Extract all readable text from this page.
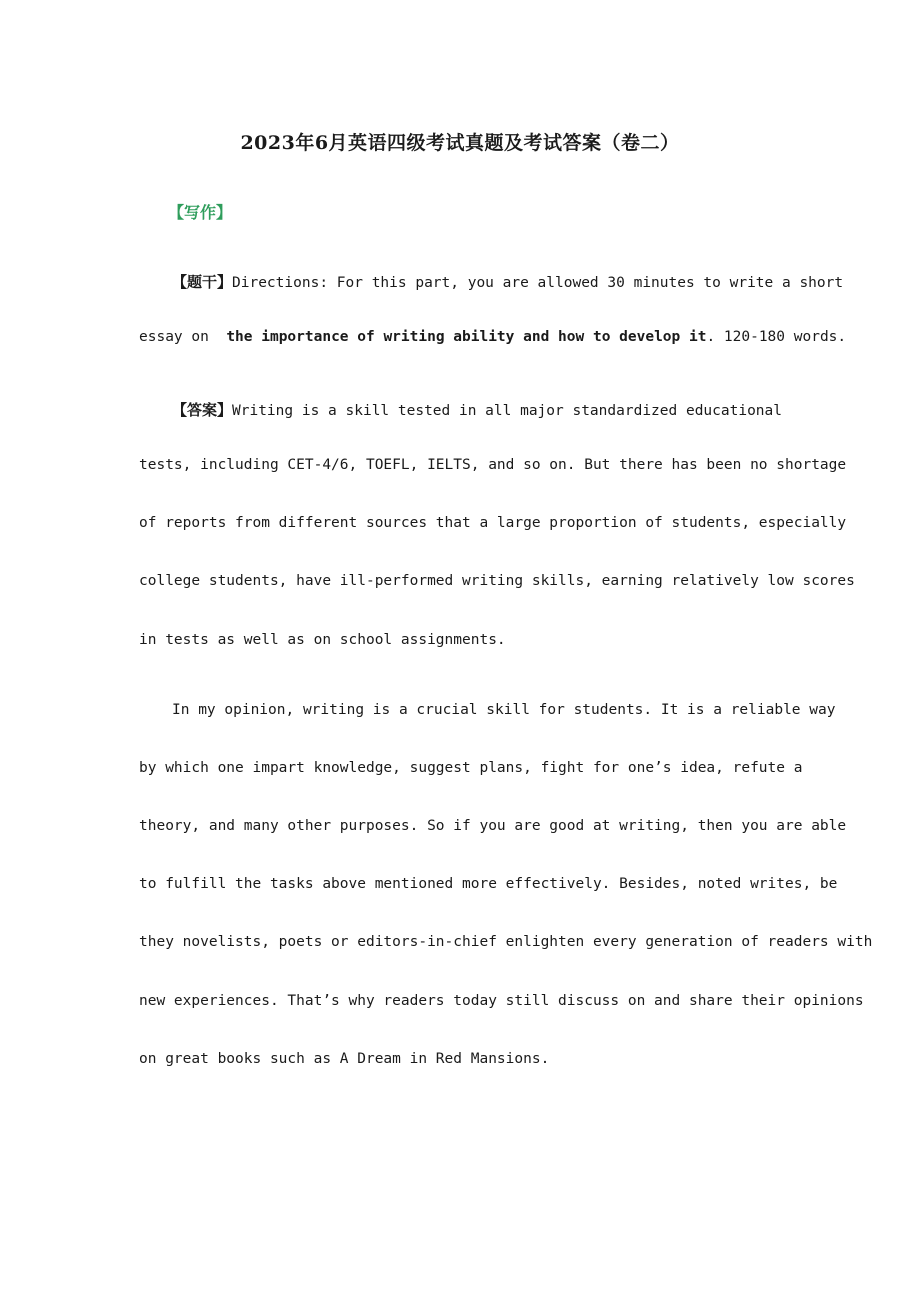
2023年6月英语四级考试真题及考试答案（卷二）
【写作】
【题干】Directions: For this part, you are allowed 30 minutes to write a short
essay on  the importance of writing ability and how to develop it. 120-180 words.
【答案】Writing is a skill tested in all major standardized educational
tests, including CET-4/6, TOEFL, IELTS, and so on. But there has been no shortage
of reports from different sources that a large proportion of students, especially
college students, have ill-performed writing skills, earning relatively low scores
in tests as well as on school assignments.
In my opinion, writing is a crucial skill for students. It is a reliable way
by which one impart knowledge, suggest plans, fight for one’s idea, refute a
theory, and many other purposes. So if you are good at writing, then you are able
to fulfill the tasks above mentioned more effectively. Besides, noted writes, be
they novelists, poets or editors-in-chief enlighten every generation of readers with
new experiences. That’s why readers today still discuss on and share their opinions
on great books such as A Dream in Red Mansions.
